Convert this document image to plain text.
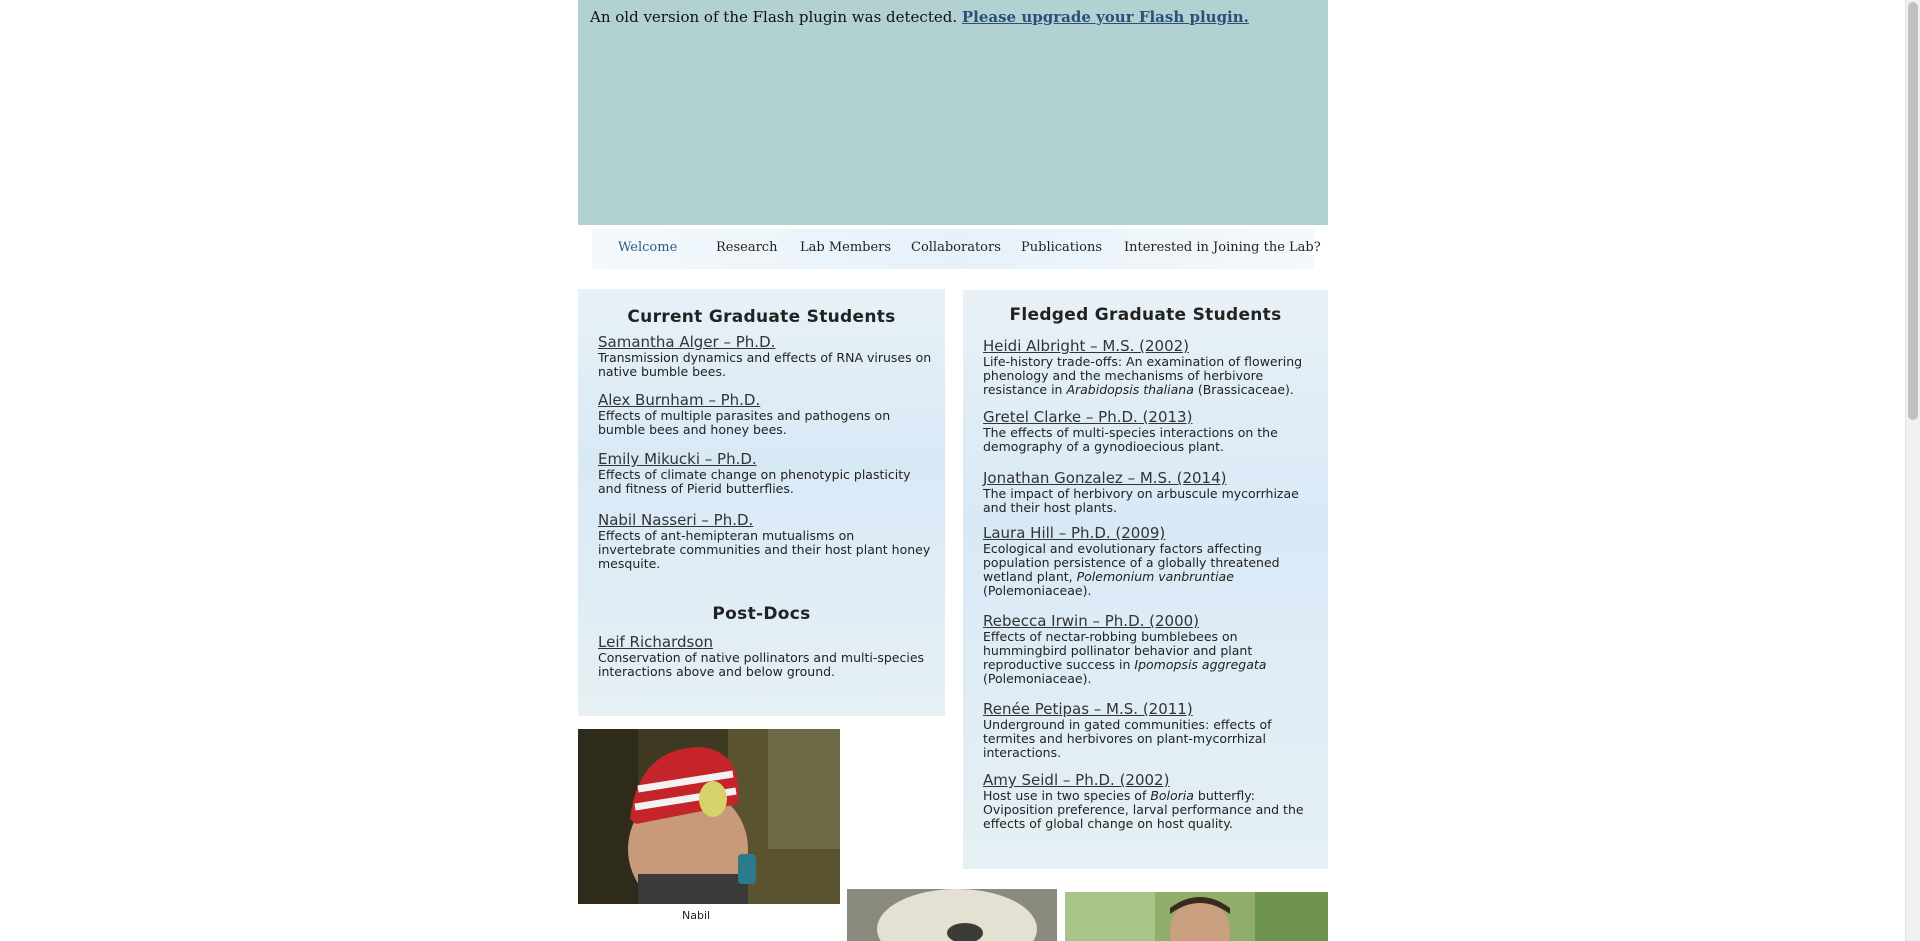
An old version of the Flash plugin was detected. Please upgrade your Flash plugin.
Welcome	Research Lab Members Collaborators Publications Interested in Joining the Lab?
Current Graduate Students
Samantha Alger – Ph.D.
Transmission dynamics and effects of RNA viruses on native bumble bees.
Alex Burnham – Ph.D.
Effects of multiple parasites and pathogens on bumble bees and honey bees.
Emily Mikucki – Ph.D.
Effects of climate change on phenotypic plasticity and fitness of Pierid butterflies.
Nabil Nasseri – Ph.D.
Effects of ant-hemipteran mutualisms on invertebrate communities and their host plant honey mesquite.
Post-Docs
Leif Richardson
Conservation of native pollinators and multi-species interactions above and below ground.
Fledged Graduate Students
Heidi Albright – M.S. (2002)
Life-history trade-offs: An examination of flowering phenology and the mechanisms of herbivore resistance in Arabidopsis thaliana (Brassicaceae).
Gretel Clarke – Ph.D. (2013)
The effects of multi-species interactions on the demography of a gynodioecious plant.
Jonathan Gonzalez – M.S. (2014)
The impact of herbivory on arbuscule mycorrhizae and their host plants.
Laura Hill – Ph.D. (2009)
Ecological and evolutionary factors affecting population persistence of a globally threatened wetland plant, Polemonium vanbruntiae (Polemoniaceae).
Rebecca Irwin – Ph.D. (2000)
Effects of nectar-robbing bumblebees on hummingbird pollinator behavior and plant reproductive success in Ipomopsis aggregata (Polemoniaceae).
Renée Petipas – M.S. (2011)
Underground in gated communities: effects of termites and herbivores on plant-mycorrhizal interactions.
Amy Seidl – Ph.D. (2002)
Host use in two species of Boloria butterfly: Oviposition preference, larval performance and the effects of global change on host quality.
Nabil
